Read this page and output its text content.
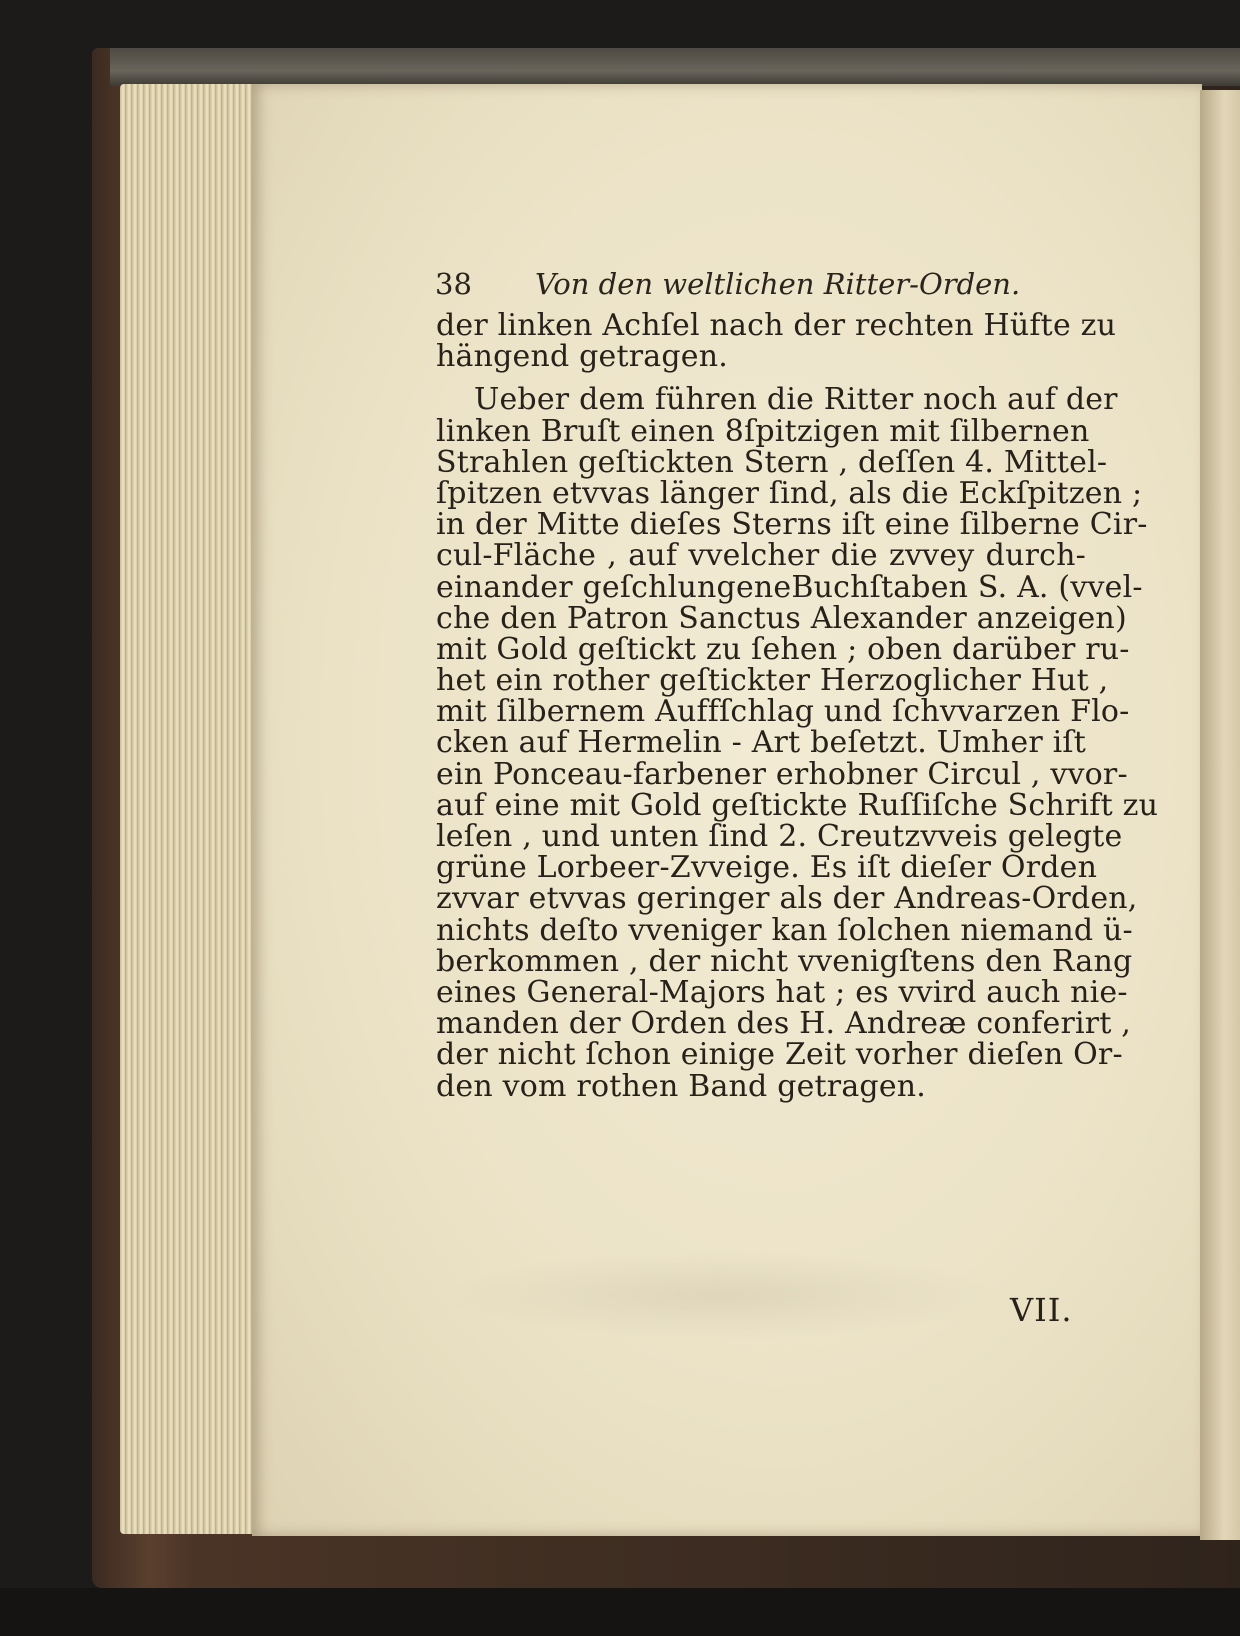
38 Von den weltlichen Ritter-Orden.
der linken Achſel nach der rechten Hüfte zu
hängend getragen.
Ueber dem führen die Ritter noch auf der
linken Bruſt einen 8ſpitzigen mit ſilbernen
Strahlen geſtickten Stern , deſſen 4. Mittel-
ſpitzen etvvas länger ſind, als die Eckſpitzen ;
in der Mitte dieſes Sterns iſt eine ſilberne Cir-
cul-Fläche , auf vvelcher die zvvey durch-
einander geſchlungeneBuchſtaben S. A. (vvel-
che den Patron Sanctus Alexander anzeigen)
mit Gold geſtickt zu ſehen ; oben darüber ru-
het ein rother geſtickter Herzoglicher Hut ,
mit ſilbernem Auffſchlag und ſchvvarzen Flo-
cken auf Hermelin - Art beſetzt. Umher iſt
ein Ponceau-farbener erhobner Circul , vvor-
auf eine mit Gold geſtickte Ruſſiſche Schrift zu
leſen , und unten ſind 2. Creutzvveis gelegte
grüne Lorbeer-Zvveige. Es iſt dieſer Orden
zvvar etvvas geringer als der Andreas-Orden,
nichts deſto vveniger kan ſolchen niemand ü-
berkommen , der nicht vvenigſtens den Rang
eines General-Majors hat ; es vvird auch nie-
manden der Orden des H. Andreæ conferirt ,
der nicht ſchon einige Zeit vorher dieſen Or-
den vom rothen Band getragen.
VII.
